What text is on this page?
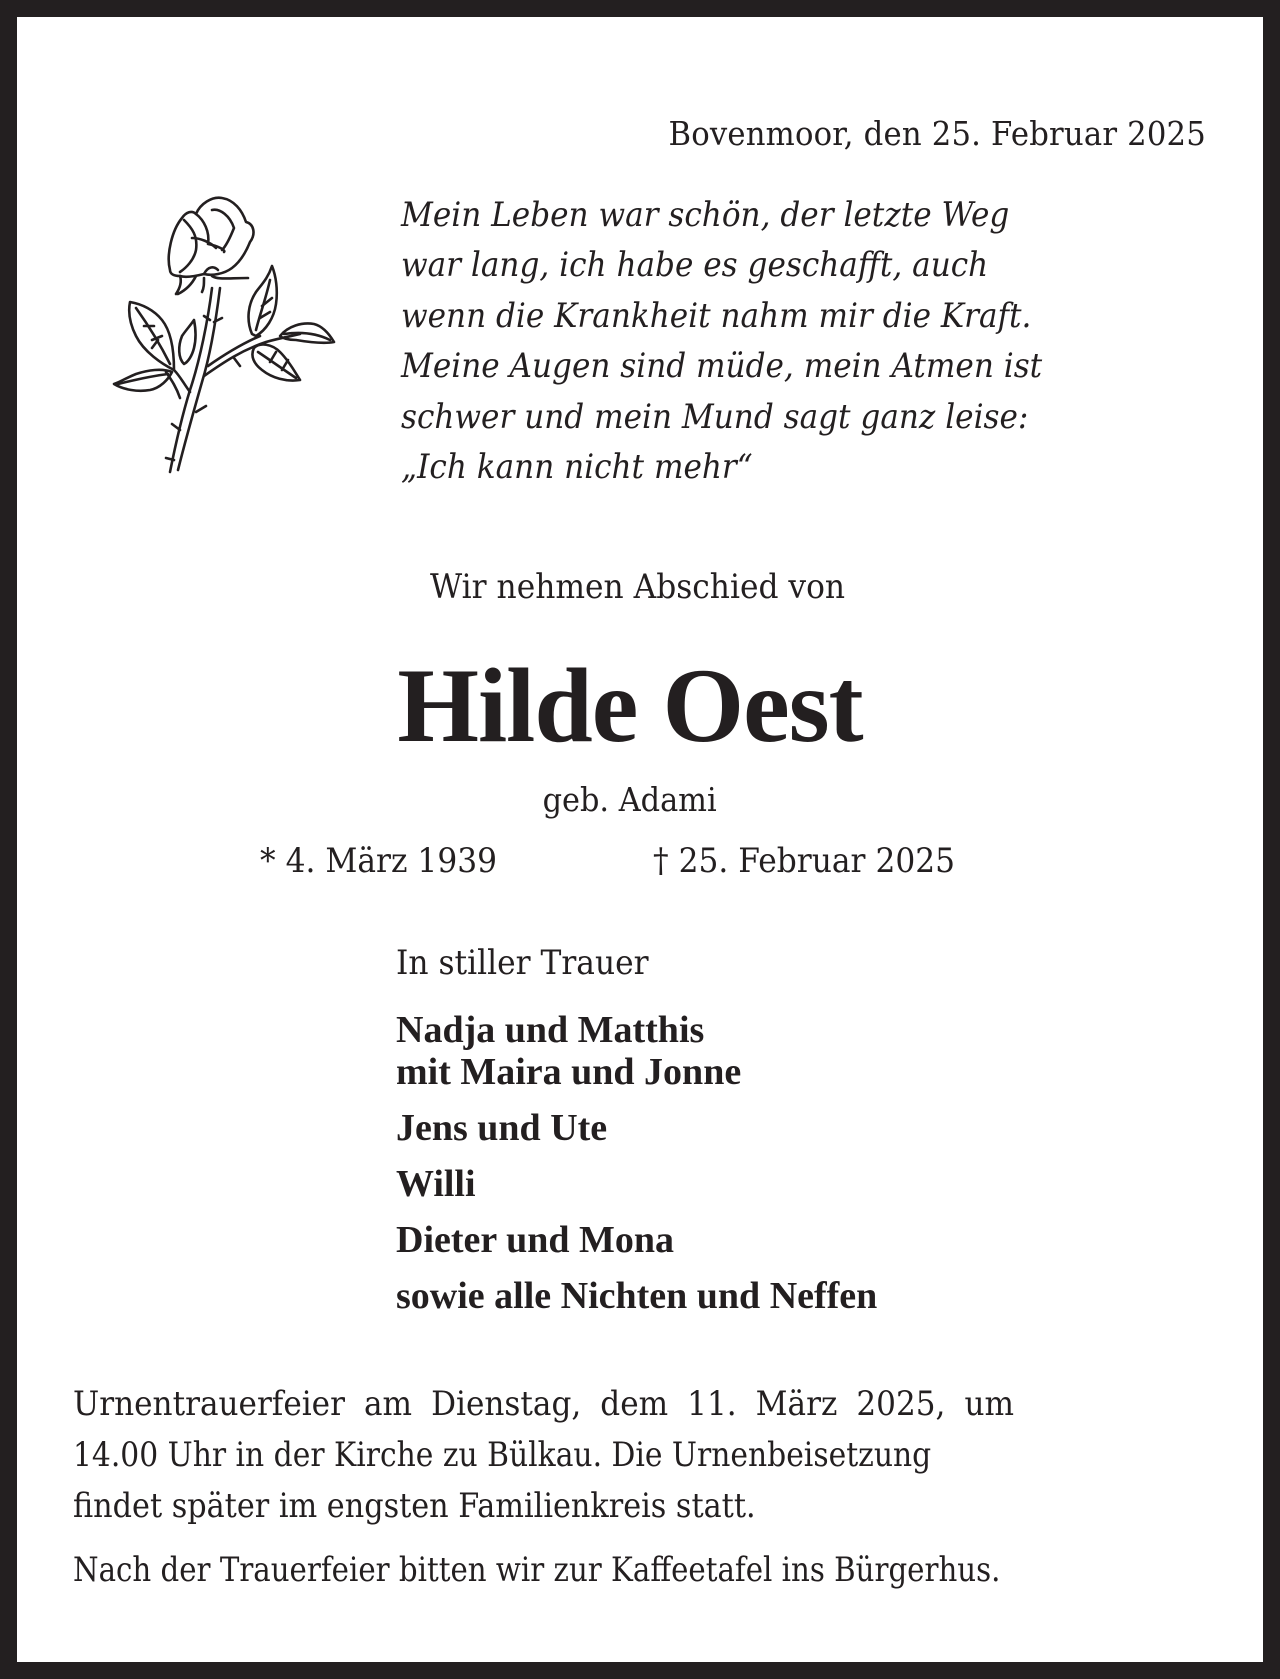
Bovenmoor, den 25. Februar 2025
Mein Leben war schön, der letzte Weg
war lang, ich habe es geschafft, auch
wenn die Krankheit nahm mir die Kraft.
Meine Augen sind müde, mein Atmen ist
schwer und mein Mund sagt ganz leise:
„Ich kann nicht mehr“
Wir nehmen Abschied von
Hilde Oest
geb. Adami
* 4. März 1939	† 25. Februar 2025
In stiller Trauer
Nadja und Matthis
mit Maira und Jonne
Jens und Ute
Willi
Dieter und Mona
sowie alle Nichten und Neffen
Urnentrauerfeier am Dienstag, dem 11. März 2025, um
14.00 Uhr in der Kirche zu Bülkau. Die Urnenbeisetzung
findet später im engsten Familienkreis statt.
Nach der Trauerfeier bitten wir zur Kaffeetafel ins Bürgerhus.
